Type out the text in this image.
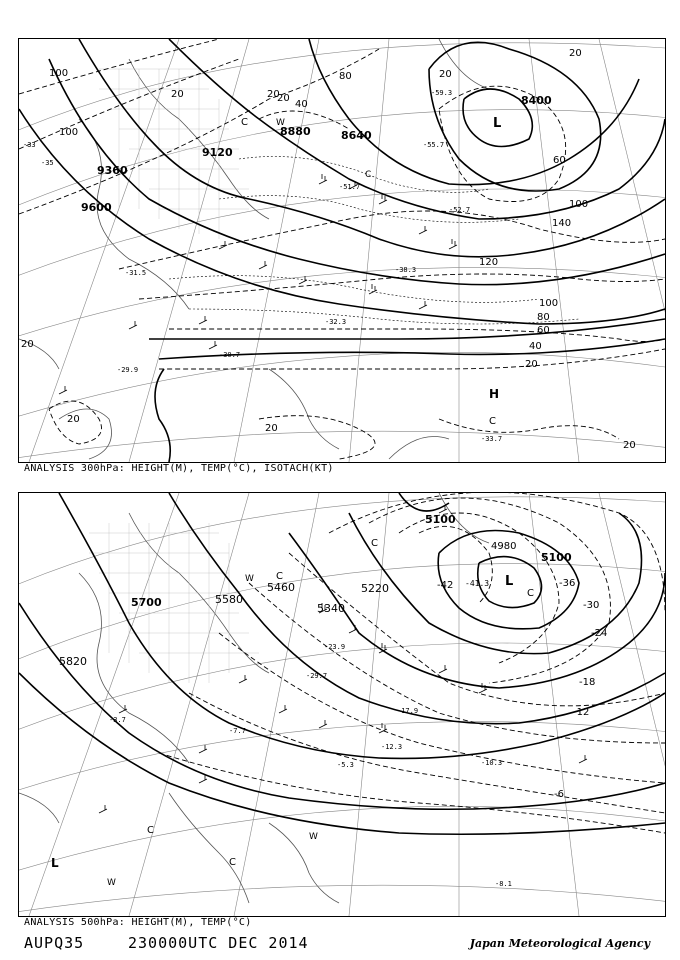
9120
9360
9600
8880	8640
8400
100
100
80
40
20
20
20
60
100
140
120
100
80
60
40
20
20
20
20
20
20
20
-30.7
-29.9
-31.5
-33
-35
-51.7
-52.7
-55.7
-59.3
-38.3
-32.3
-33.7
L
H
C	W
C
C
ANALYSIS 300hPa: HEIGHT(M), TEMP(°C), ISOTACH(KT)
5700	5580
5460
5340
5220
5100
4980
5100
5820
-36
-30
-24
-18
-12
-6
-42 -41.3
-29.7
-23.9
-17.9
-12.3
-5.3
-7.7
-3.7
-8.1
-10.3
L
L
C
C
W
C
W
C
C
W
ANALYSIS 500hPa: HEIGHT(M), TEMP(°C)
AUPQ35	230000UTC DEC 2014	Japan Meteorological Agency
